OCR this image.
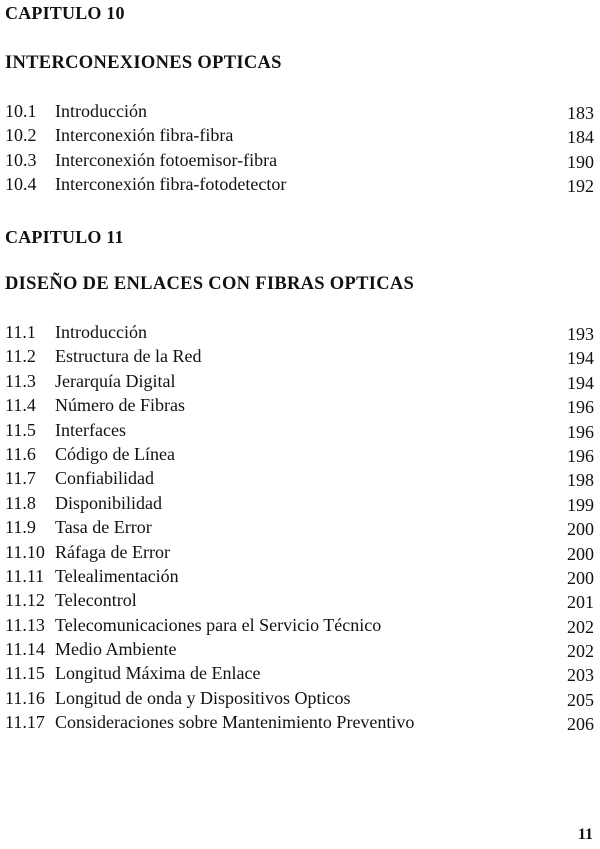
CAPITULO 10
INTERCONEXIONES OPTICAS
10.1 Introducción	183
10.2 Interconexión fibra-fibra	184
10.3 Interconexión fotoemisor-fibra	190
10.4 Interconexión fibra-fotodetector	192
CAPITULO 11
DISEÑO DE ENLACES CON FIBRAS OPTICAS
11.1 Introducción	193
11.2 Estructura de la Red	194
11.3 Jerarquía Digital	194
11.4 Número de Fibras	196
11.5 Interfaces	196
11.6 Código de Línea	196
11.7 Confiabilidad	198
11.8 Disponibilidad	199
11.9 Tasa de Error	200
11.10 Ráfaga de Error	200
11.11 Telealimentación	200
11.12 Telecontrol	201
11.13 Telecomunicaciones para el Servicio Técnico	202
11.14 Medio Ambiente	202
11.15 Longitud Máxima de Enlace	203
11.16 Longitud de onda y Dispositivos Opticos	205
11.17 Consideraciones sobre Mantenimiento Preventivo	206
11
